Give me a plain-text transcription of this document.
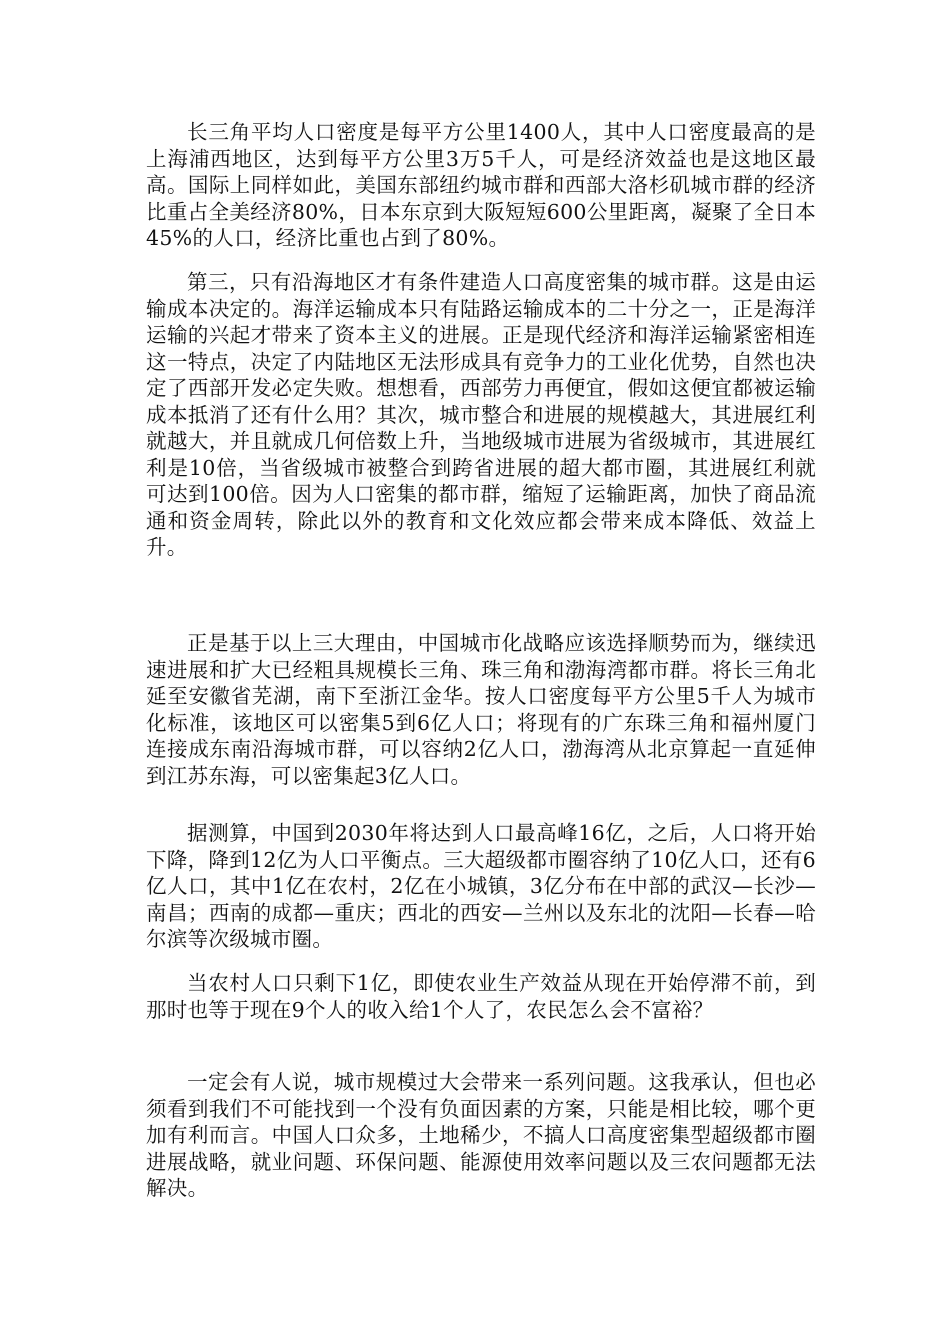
长三角平均人口密度是每平方公里1400人，其中人口密度最高的是上海浦西地区，达到每平方公里3万5千人，可是经济效益也是这地区最高。国际上同样如此，美国东部纽约城市群和西部大洛杉矶城市群的经济比重占全美经济80%，日本东京到大阪短短600公里距离，凝聚了全日本45%的人口，经济比重也占到了80%。

第三，只有沿海地区才有条件建造人口高度密集的城市群。这是由运输成本决定的。海洋运输成本只有陆路运输成本的二十分之一，正是海洋运输的兴起才带来了资本主义的进展。正是现代经济和海洋运输紧密相连这一特点，决定了内陆地区无法形成具有竞争力的工业化优势，自然也决定了西部开发必定失败。想想看，西部劳力再便宜，假如这便宜都被运输成本抵消了还有什么用？其次，城市整合和进展的规模越大，其进展红利就越大，并且就成几何倍数上升，当地级城市进展为省级城市，其进展红利是10倍，当省级城市被整合到跨省进展的超大都市圈，其进展红利就可达到100倍。因为人口密集的都市群，缩短了运输距离，加快了商品流通和资金周转，除此以外的教育和文化效应都会带来成本降低、效益上升。

正是基于以上三大理由，中国城市化战略应该选择顺势而为，继续迅速进展和扩大已经粗具规模长三角、珠三角和渤海湾都市群。将长三角北延至安徽省芜湖，南下至浙江金华。按人口密度每平方公里5千人为城市化标准，该地区可以密集5到6亿人口；将现有的广东珠三角和福州厦门连接成东南沿海城市群，可以容纳2亿人口，渤海湾从北京算起一直延伸到江苏东海，可以密集起3亿人口。

据测算，中国到2030年将达到人口最高峰16亿，之后，人口将开始下降，降到12亿为人口平衡点。三大超级都市圈容纳了10亿人口，还有6亿人口，其中1亿在农村，2亿在小城镇，3亿分布在中部的武汉—长沙—南昌；西南的成都—重庆；西北的西安—兰州以及东北的沈阳—长春—哈尔滨等次级城市圈。

当农村人口只剩下1亿，即使农业生产效益从现在开始停滞不前，到那时也等于现在9个人的收入给1个人了，农民怎么会不富裕？

一定会有人说，城市规模过大会带来一系列问题。这我承认，但也必须看到我们不可能找到一个没有负面因素的方案，只能是相比较，哪个更加有利而言。中国人口众多，土地稀少，不搞人口高度密集型超级都市圈进展战略，就业问题、环保问题、能源使用效率问题以及三农问题都无法解决。
